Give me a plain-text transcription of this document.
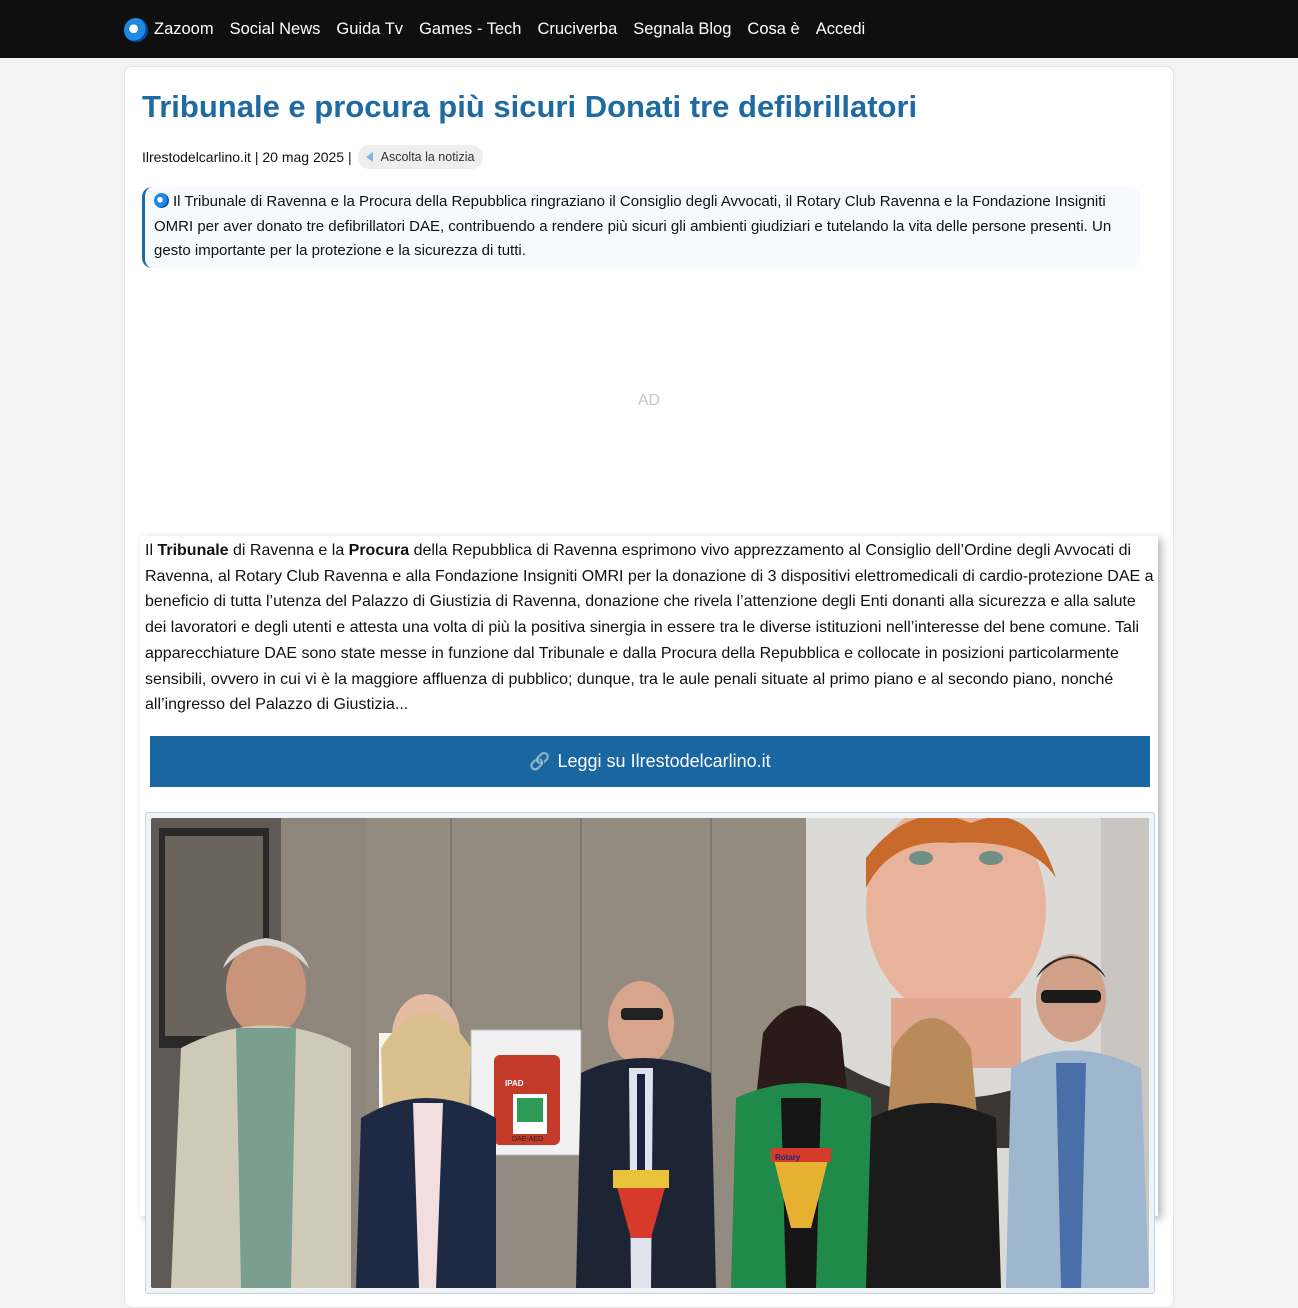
Zazoom Social News Guida Tv Games - Tech Cruciverba Segnala Blog Cosa è Accedi
Tribunale e procura più sicuri Donati tre defibrillatori
Ilrestodelcarlino.it
|
20 mag 2025
| Ascolta la notizia
Il Tribunale di Ravenna e la Procura della Repubblica ringraziano il Consiglio degli Avvocati, il Rotary Club Ravenna e la Fondazione Insigniti OMRI per aver donato tre defibrillatori DAE, contribuendo a rendere più sicuri gli ambienti giudiziari e tutelando la vita delle persone presenti. Un gesto importante per la protezione e la sicurezza di tutti.
AD

Il Tribunale di Ravenna e la Procura della Repubblica di Ravenna esprimono vivo apprezzamento al Consiglio dell’Ordine degli Avvocati di Ravenna, al Rotary Club Ravenna e alla Fondazione Insigniti OMRI per la donazione di 3 dispositivi elettromedicali di cardio-protezione DAE a beneficio di tutta l’utenza del Palazzo di Giustizia di Ravenna, donazione che rivela l’attenzione degli Enti donanti alla sicurezza e alla salute dei lavoratori e degli utenti e attesta una volta di più la positiva sinergia in essere tra le diverse istituzioni nell’interesse del bene comune. Tali apparecchiature DAE sono state messe in funzione dal Tribunale e dalla Procura della Repubblica e collocate in posizioni particolarmente sensibili, ovvero in cui vi è la maggiore affluenza di pubblico; dunque, tra le aule penali situate al primo piano e al secondo piano, nonché all’ingresso del Palazzo di Giustizia...

🔗 Leggi su Ilrestodelcarlino.it
IPAD
DAE-AED
Rotary
